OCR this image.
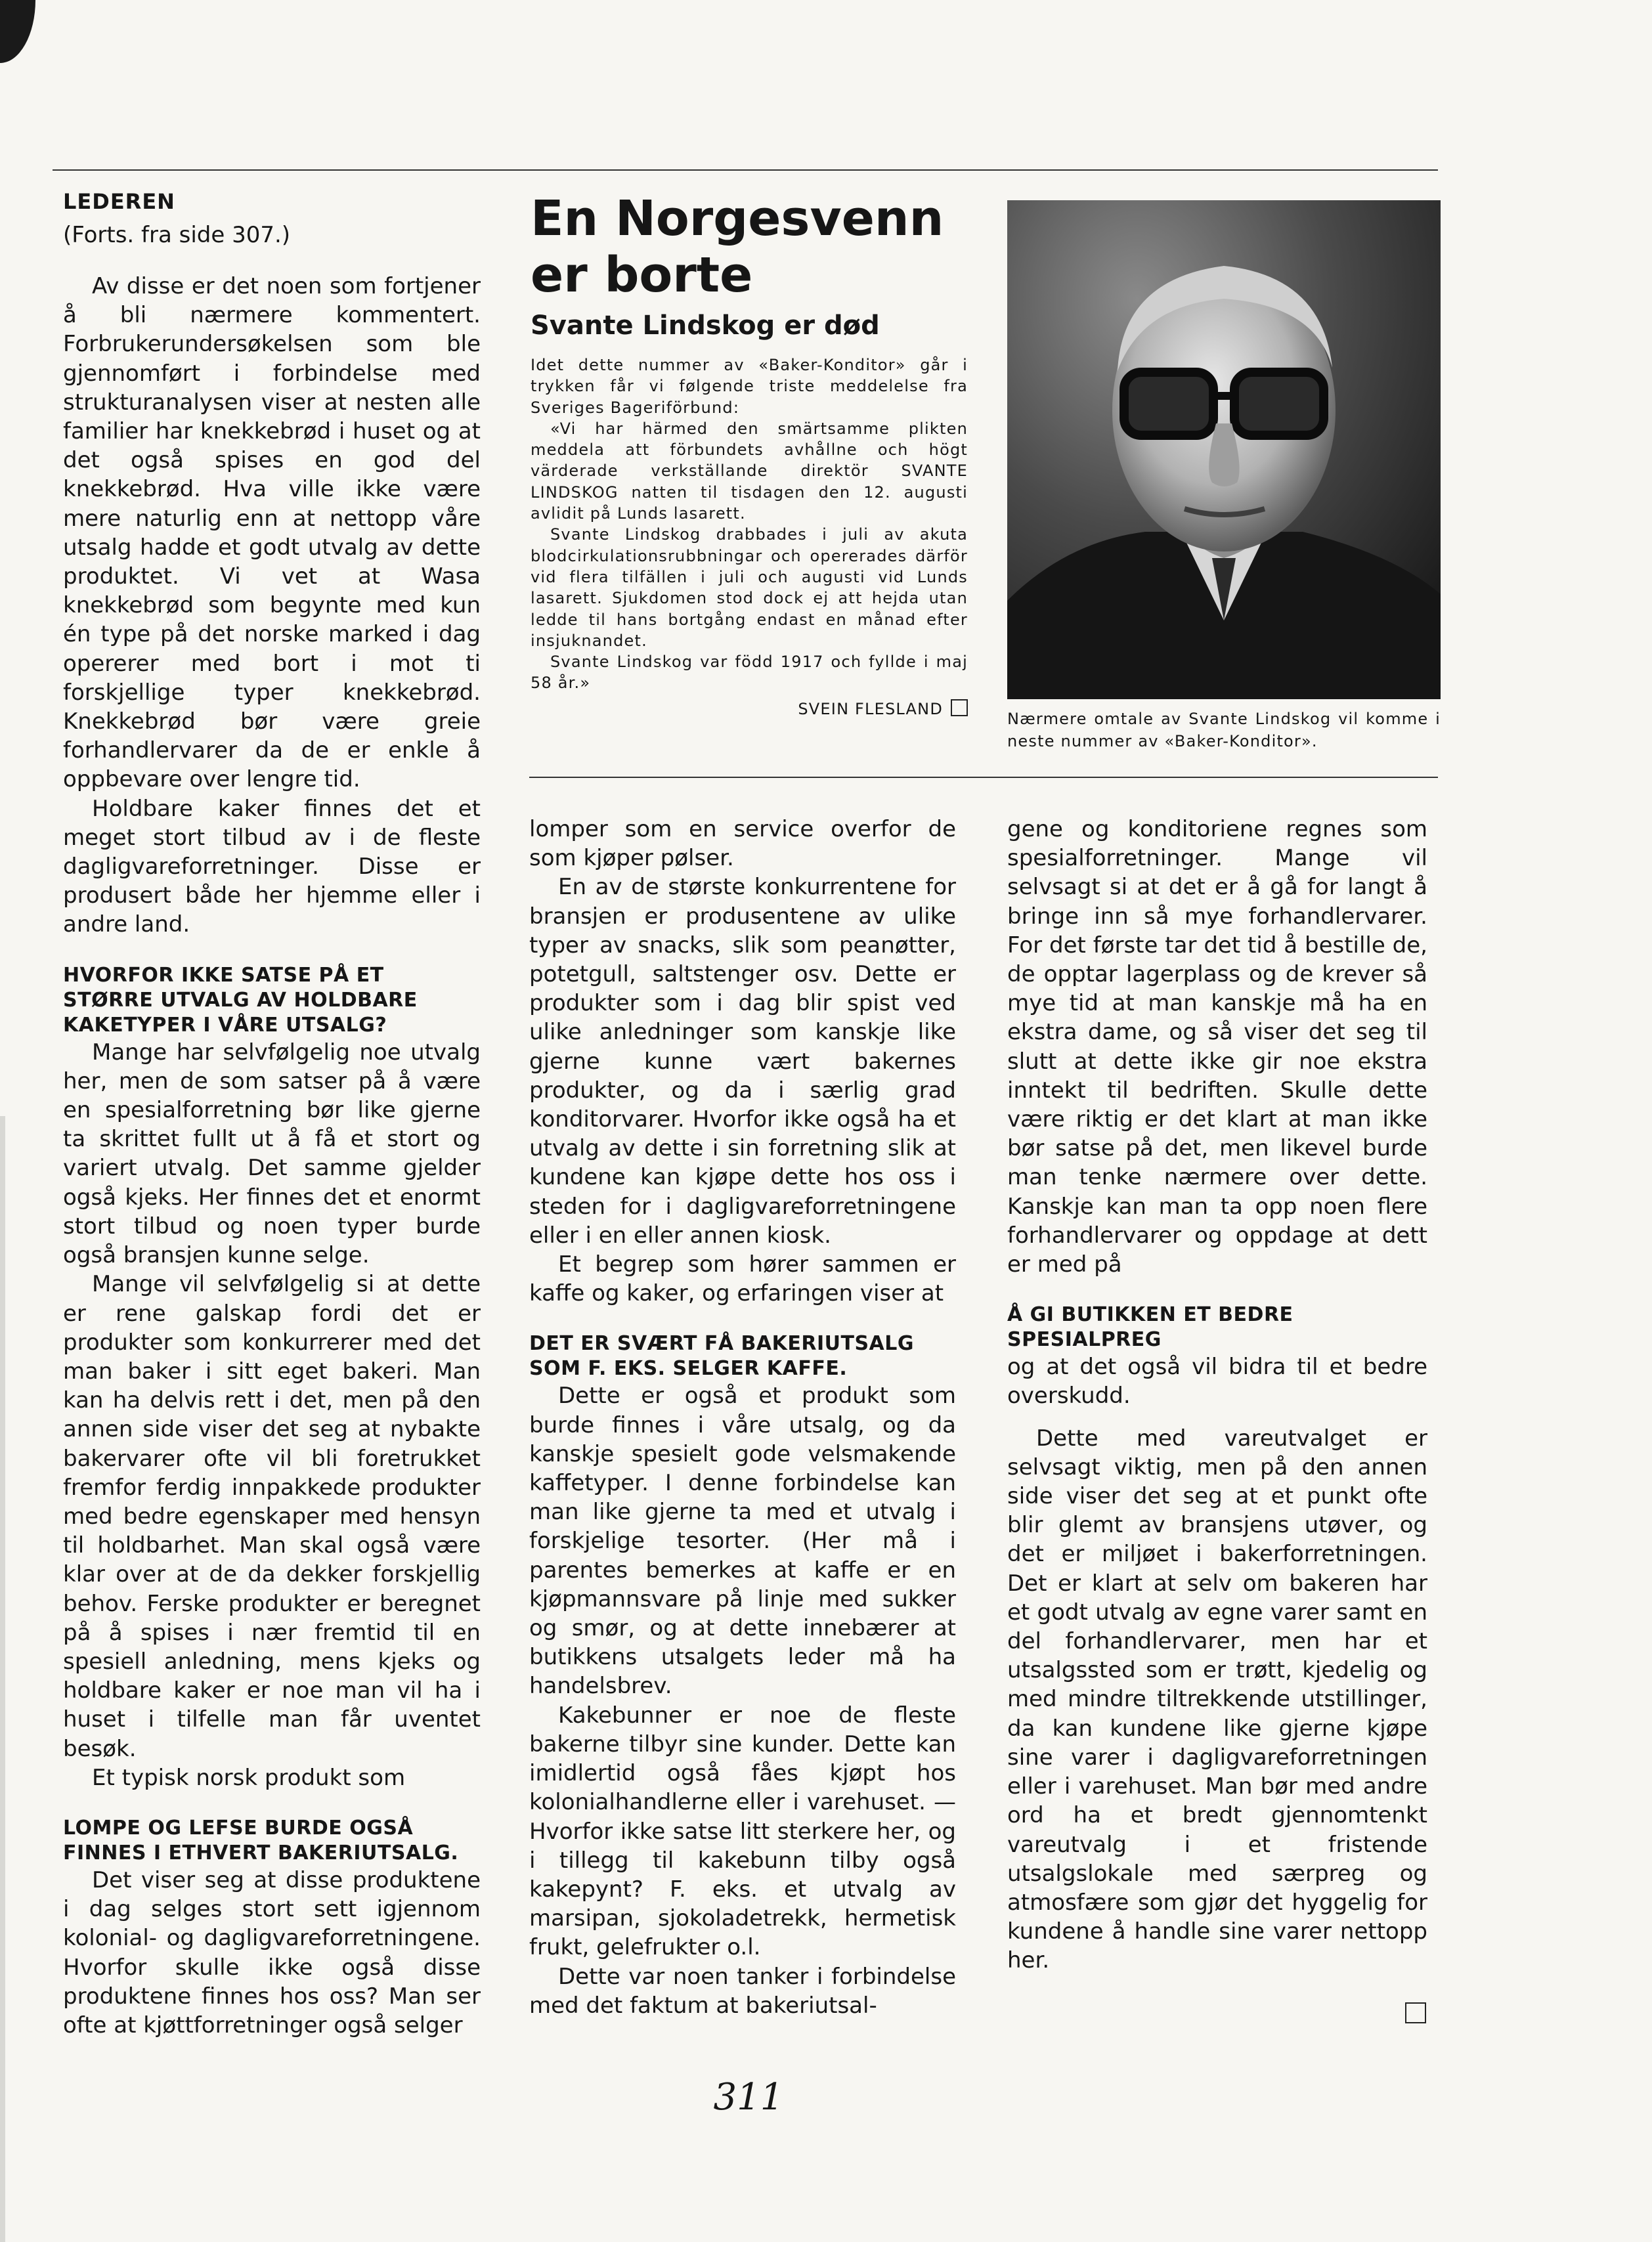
LEDEREN

(Forts. fra side 307.)

Av disse er det noen som fortjener å bli nærmere kommentert. Forbrukerundersøkelsen som ble gjennomført i forbindelse med strukturanalysen viser at nesten alle familier har knekkebrød i huset og at det også spises en god del knekkebrød. Hva ville ikke være mere naturlig enn at nettopp våre utsalg hadde et godt utvalg av dette produktet. Vi vet at Wasa knekkebrød som begynte med kun én type på det norske marked i dag opererer med bort i mot ti forskjellige typer knekkebrød. Knekkebrød bør være greie forhandlervarer da de er enkle å oppbevare over lengre tid.

Holdbare kaker finnes det et meget stort tilbud av i de fleste dagligvareforretninger. Disse er produsert både her hjemme eller i andre land.

HVORFOR IKKE SATSE PÅ ET STØRRE UTVALG AV HOLDBARE KAKETYPER I VÅRE UTSALG?

Mange har selvfølgelig noe utvalg her, men de som satser på å være en spesialforretning bør like gjerne ta skrittet fullt ut å få et stort og variert utvalg. Det samme gjelder også kjeks. Her finnes det et enormt stort tilbud og noen typer burde også bransjen kunne selge.

Mange vil selvfølgelig si at dette er rene galskap fordi det er produkter som konkurrerer med det man baker i sitt eget bakeri. Man kan ha delvis rett i det, men på den annen side viser det seg at nybakte bakervarer ofte vil bli foretrukket fremfor ferdig innpakkede produkter med bedre egenskaper med hensyn til holdbarhet. Man skal også være klar over at de da dekker forskjellig behov. Ferske produkter er beregnet på å spises i nær fremtid til en spesiell anledning, mens kjeks og holdbare kaker er noe man vil ha i huset i tilfelle man får uventet besøk.

Et typisk norsk produkt som

LOMPE OG LEFSE BURDE OGSÅ FINNES I ETHVERT BAKERIUTSALG.

Det viser seg at disse produktene i dag selges stort sett igjennom kolonial- og dagligvareforretningene. Hvorfor skulle ikke også disse produktene finnes hos oss? Man ser ofte at kjøttforretninger også selger

En Norgesvenn

er borte

Svante Lindskog er død

Idet dette nummer av «Baker-Konditor» går i trykken får vi følgende triste meddelelse fra Sveriges Bageriförbund:

«Vi har härmed den smärtsamme plikten meddela att förbundets avhållne och högt värderade verkställande direktör SVANTE LINDSKOG natten til tisdagen den 12. augusti avlidit på Lunds lasarett.

Svante Lindskog drabbades i juli av akuta blodcirkulationsrubbningar och opererades därför vid flera tilfällen i juli och augusti vid Lunds lasarett. Sjukdomen stod dock ej att hejda utan ledde til hans bortgång endast en månad efter insjuknandet.

Svante Lindskog var född 1917 och fyllde i maj 58 år.»

SVEIN FLESLAND

Nærmere omtale av Svante Lindskog vil komme i neste nummer av «Baker-Konditor».

lomper som en service overfor de som kjøper pølser.

En av de største konkurrentene for bransjen er produsentene av ulike typer av snacks, slik som peanøtter, potetgull, saltstenger osv. Dette er produkter som i dag blir spist ved ulike anledninger som kanskje like gjerne kunne vært bakernes produkter, og da i særlig grad konditorvarer. Hvorfor ikke også ha et utvalg av dette i sin forretning slik at kundene kan kjøpe dette hos oss i steden for i dagligvareforretningene eller i en eller annen kiosk.

Et begrep som hører sammen er kaffe og kaker, og erfaringen viser at

DET ER SVÆRT FÅ BAKERIUTSALG SOM F. EKS. SELGER KAFFE.

Dette er også et produkt som burde finnes i våre utsalg, og da kanskje spesielt gode velsmakende kaffetyper. I denne forbindelse kan man like gjerne ta med et utvalg i forskjelige tesorter. (Her må i parentes bemerkes at kaffe er en kjøpmannsvare på linje med sukker og smør, og at dette innebærer at butikkens utsalgets leder må ha handelsbrev.

Kakebunner er noe de fleste bakerne tilbyr sine kunder. Dette kan imidlertid også fåes kjøpt hos kolonialhandlerne eller i varehuset. — Hvorfor ikke satse litt sterkere her, og i tillegg til kakebunn tilby også kakepynt? F. eks. et utvalg av marsipan, sjokoladetrekk, hermetisk frukt, gelefrukter o.l.

Dette var noen tanker i forbindelse med det faktum at bakeriutsal-

gene og konditoriene regnes som spesialforretninger. Mange vil selvsagt si at det er å gå for langt å bringe inn så mye forhandlervarer. For det første tar det tid å bestille de, de opptar lagerplass og de krever så mye tid at man kanskje må ha en ekstra dame, og så viser det seg til slutt at dette ikke gir noe ekstra inntekt til bedriften. Skulle dette være riktig er det klart at man ikke bør satse på det, men likevel burde man tenke nærmere over dette. Kanskje kan man ta opp noen flere forhandlervarer og oppdage at dett er med på

Å GI BUTIKKEN ET BEDRE SPESIALPREG

og at det også vil bidra til et bedre overskudd.

Dette med vareutvalget er selvsagt viktig, men på den annen side viser det seg at et punkt ofte blir glemt av bransjens utøver, og det er miljøet i bakerforretningen. Det er klart at selv om bakeren har et godt utvalg av egne varer samt en del forhandlervarer, men har et utsalgssted som er trøtt, kjedelig og med mindre tiltrekkende utstillinger, da kan kundene like gjerne kjøpe sine varer i dagligvareforretningen eller i varehuset. Man bør med andre ord ha et bredt gjennomtenkt vareutvalg i et fristende utsalgslokale med særpreg og atmosfære som gjør det hyggelig for kundene å handle sine varer nettopp her.

311
